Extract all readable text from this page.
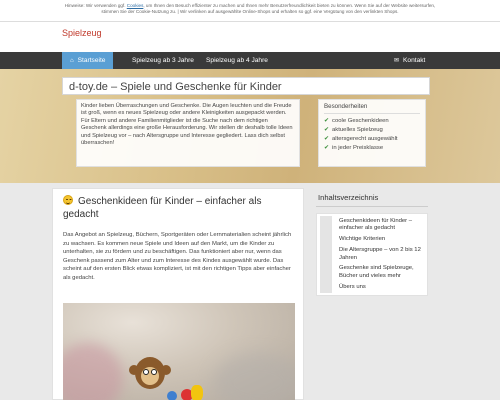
Hinweise: Wir verwenden ggf. Cookies, um Ihnen den Besuch effizienter zu machen und Ihnen mehr Benutzerfreundlichkeit bieten zu können. Wenn Sie auf der Website weitersurfen, stimmen Sie der Cookie-Nutzung zu. | Wir verlinken auf ausgewählte Online-Shops und erhalten so ggf. eine Vergütung von den verlinkten Shops.
Spielzeug
⌂ Startseite	Spielzeug ab 3 Jahre	Spielzeug ab 4 Jahre	✉ Kontakt
d-toy.de – Spiele und Geschenke für Kinder
Kinder lieben Überraschungen und Geschenke. Die Augen leuchten und die Freude ist groß, wenn es neues Spielzeug oder andere Kleinigkeiten ausgepackt werden. Für Eltern und andere Familienmitglieder ist die Suche nach dem richtigen Geschenk allerdings eine große Herausforderung. Wir stellen dir deshalb tolle Ideen und Spielzeug vor – nach Altersgruppe und Interesse gegliedert. Lass dich selbst überraschen!
Besonderheiten
✔ coole Geschenkideen
✔ aktuelles Spielzeug
✔ altersgerecht ausgewählt
✔ in jeder Preisklasse
Geschenkideen für Kinder – einfacher als gedacht
Das Angebot an Spielzeug, Büchern, Sportgeräten oder Lernmaterialien scheint jährlich zu wachsen. Es kommen neue Spiele und Ideen auf den Markt, um die Kinder zu unterhalten, sie zu fördern und zu beschäftigen. Das funktioniert aber nur, wenn das Geschenk passend zum Alter und zum Interesse des Kindes ausgewählt wurde. Das scheint auf den ersten Blick etwas kompliziert, ist mit den richtigen Tipps aber einfacher als gedacht.
Inhaltsverzeichnis
Geschenkideen für Kinder – einfacher als gedacht
Wichtige Kriterien
Die Altersgruppe – von 2 bis 12 Jahren
Geschenke sind Spielzeuge, Bücher und vieles mehr
Übers uns
